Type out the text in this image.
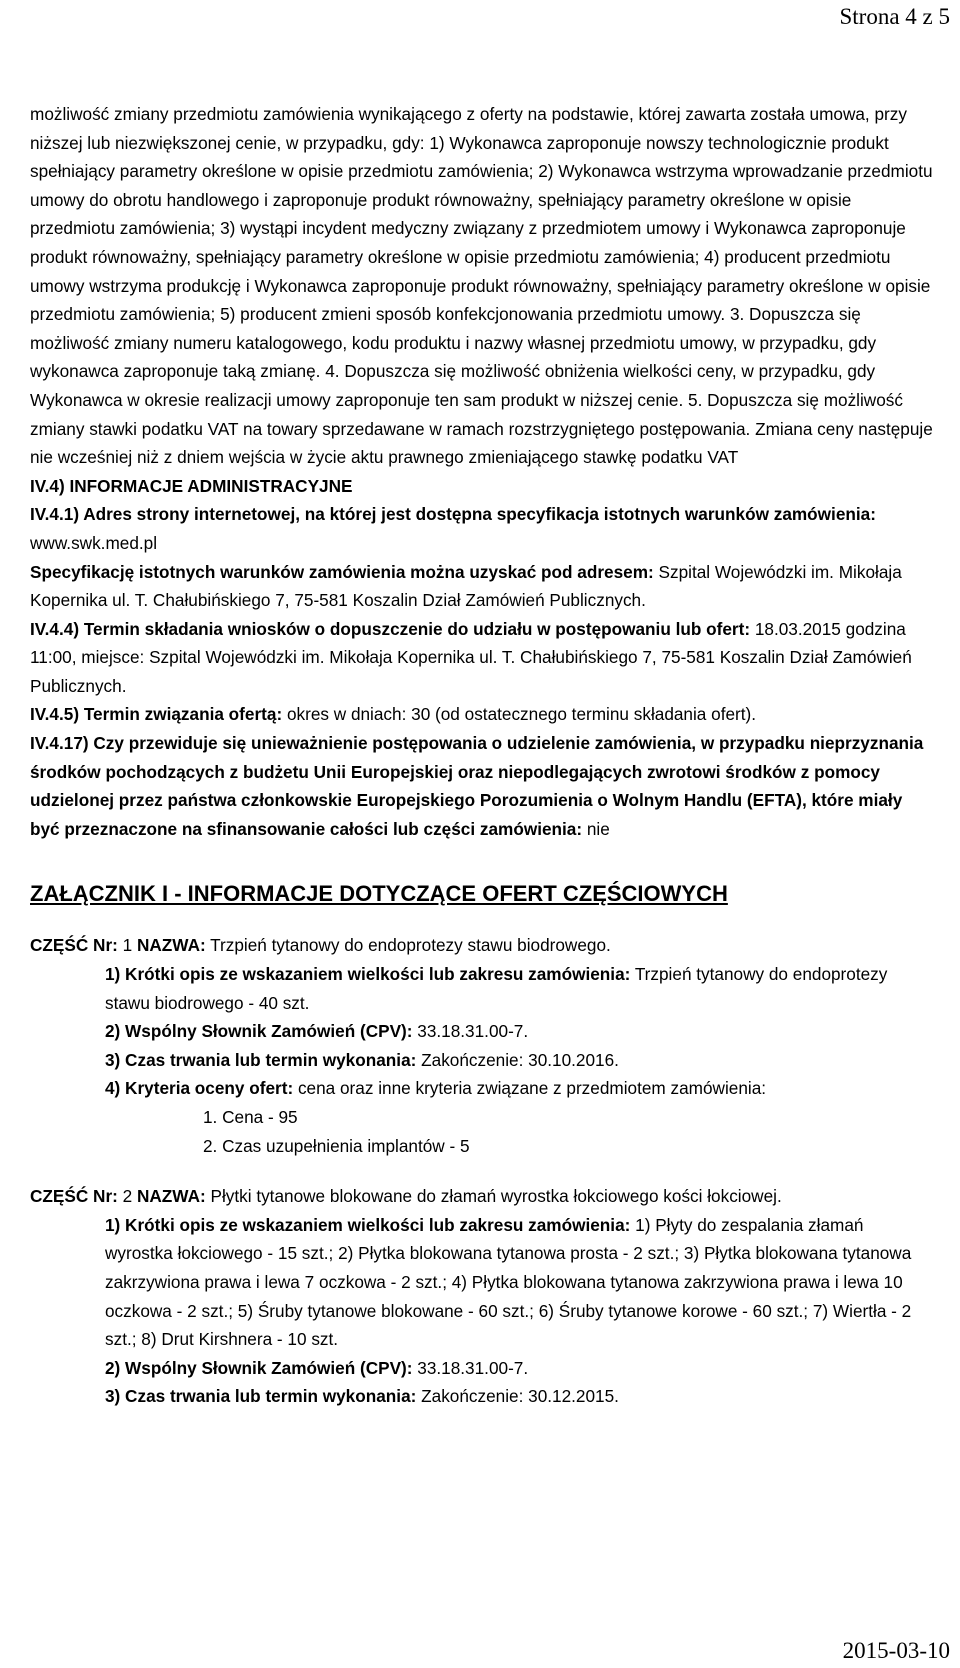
Strona 4 z 5

możliwość zmiany przedmiotu zamówienia wynikającego z oferty na podstawie, której zawarta została umowa, przy niższej lub niezwiększonej cenie, w przypadku, gdy: 1) Wykonawca zaproponuje nowszy technologicznie produkt spełniający parametry określone w opisie przedmiotu zamówienia; 2) Wykonawca wstrzyma wprowadzanie przedmiotu umowy do obrotu handlowego i zaproponuje produkt równoważny, spełniający parametry określone w opisie przedmiotu zamówienia; 3) wystąpi incydent medyczny związany z przedmiotem umowy i Wykonawca zaproponuje produkt równoważny, spełniający parametry określone w opisie przedmiotu zamówienia; 4) producent przedmiotu umowy wstrzyma produkcję i Wykonawca zaproponuje produkt równoważny, spełniający parametry określone w opisie przedmiotu zamówienia; 5) producent zmieni sposób konfekcjonowania przedmiotu umowy. 3. Dopuszcza się możliwość zmiany numeru katalogowego, kodu produktu i nazwy własnej przedmiotu umowy, w przypadku, gdy wykonawca zaproponuje taką zmianę. 4. Dopuszcza się możliwość obniżenia wielkości ceny, w przypadku, gdy Wykonawca w okresie realizacji umowy zaproponuje ten sam produkt w niższej cenie. 5. Dopuszcza się możliwość zmiany stawki podatku VAT na towary sprzedawane w ramach rozstrzygniętego postępowania. Zmiana ceny następuje nie wcześniej niż z dniem wejścia w życie aktu prawnego zmieniającego stawkę podatku VAT

IV.4) INFORMACJE ADMINISTRACYJNE

IV.4.1) Adres strony internetowej, na której jest dostępna specyfikacja istotnych warunków zamówienia: www.swk.med.pl

Specyfikację istotnych warunków zamówienia można uzyskać pod adresem: Szpital Wojewódzki im. Mikołaja Kopernika ul. T. Chałubińskiego 7, 75-581 Koszalin Dział Zamówień Publicznych.

IV.4.4) Termin składania wniosków o dopuszczenie do udziału w postępowaniu lub ofert: 18.03.2015 godzina 11:00, miejsce: Szpital Wojewódzki im. Mikołaja Kopernika ul. T. Chałubińskiego 7, 75-581 Koszalin Dział Zamówień Publicznych.

IV.4.5) Termin związania ofertą: okres w dniach: 30 (od ostatecznego terminu składania ofert).

IV.4.17) Czy przewiduje się unieważnienie postępowania o udzielenie zamówienia, w przypadku nieprzyznania środków pochodzących z budżetu Unii Europejskiej oraz niepodlegających zwrotowi środków z pomocy udzielonej przez państwa członkowskie Europejskiego Porozumienia o Wolnym Handlu (EFTA), które miały być przeznaczone na sfinansowanie całości lub części zamówienia: nie

ZAŁĄCZNIK I - INFORMACJE DOTYCZĄCE OFERT CZĘŚCIOWYCH

CZĘŚĆ Nr: 1 NAZWA: Trzpień tytanowy do endoprotezy stawu biodrowego.

1) Krótki opis ze wskazaniem wielkości lub zakresu zamówienia: Trzpień tytanowy do endoprotezy stawu biodrowego - 40 szt.

2) Wspólny Słownik Zamówień (CPV): 33.18.31.00-7.

3) Czas trwania lub termin wykonania: Zakończenie: 30.10.2016.

4) Kryteria oceny ofert: cena oraz inne kryteria związane z przedmiotem zamówienia:

1. Cena - 95

2. Czas uzupełnienia implantów - 5

CZĘŚĆ Nr: 2 NAZWA: Płytki tytanowe blokowane do złamań wyrostka łokciowego kości łokciowej.

1) Krótki opis ze wskazaniem wielkości lub zakresu zamówienia: 1) Płyty do zespalania złamań wyrostka łokciowego - 15 szt.; 2) Płytka blokowana tytanowa prosta - 2 szt.; 3) Płytka blokowana tytanowa zakrzywiona prawa i lewa 7 oczkowa - 2 szt.; 4) Płytka blokowana tytanowa zakrzywiona prawa i lewa 10 oczkowa - 2 szt.; 5) Śruby tytanowe blokowane - 60 szt.; 6) Śruby tytanowe korowe - 60 szt.; 7) Wiertła - 2 szt.; 8) Drut Kirshnera - 10 szt.

2) Wspólny Słownik Zamówień (CPV): 33.18.31.00-7.

3) Czas trwania lub termin wykonania: Zakończenie: 30.12.2015.

2015-03-10
